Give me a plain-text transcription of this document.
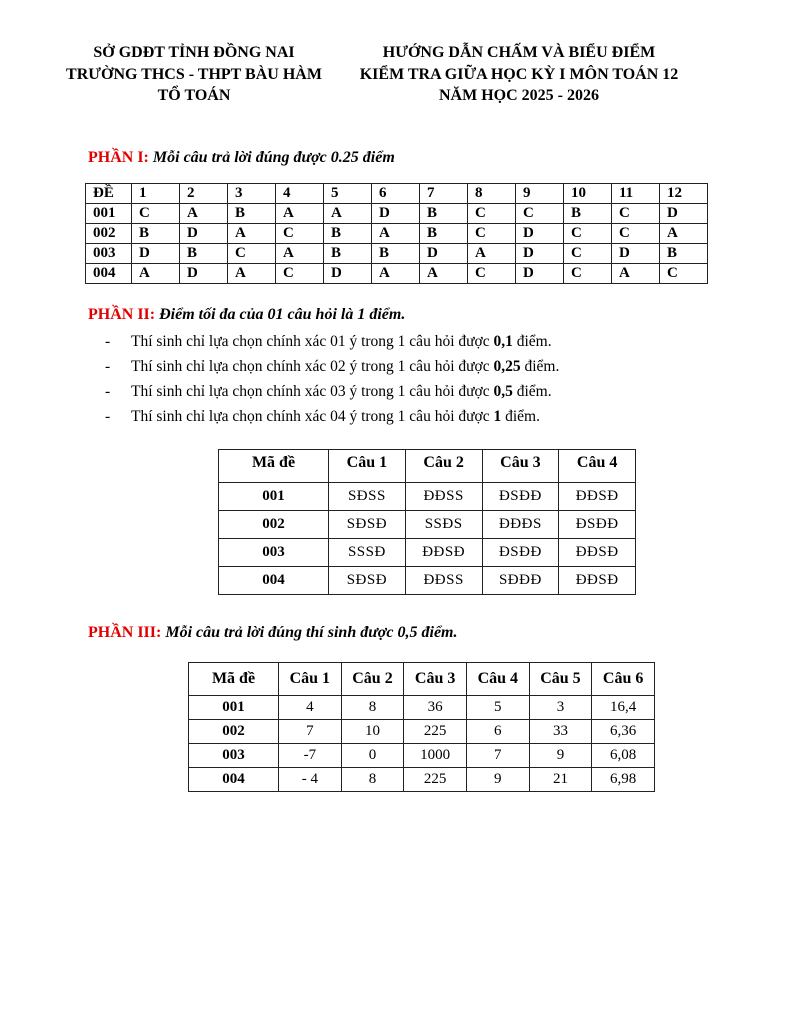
SỞ GDĐT TỈNH ĐỒNG NAI
TRƯỜNG THCS - THPT BÀU HÀM
TỔ TOÁN
HƯỚNG DẪN CHẤM VÀ BIỂU ĐIỂM
KIỂM TRA GIỮA HỌC KỲ I MÔN TOÁN 12
NĂM HỌC 2025 - 2026
PHẦN I: Mỗi câu trả lời đúng được 0.25 điểm
ĐỀ	1	2	3	4	5	6	7	8	9	10	11	12
001	C	A	B	A	A	D	B	C	C	B	C	D
002	B	D	A	C	B	A	B	C	D	C	C	A
003	D	B	C	A	B	B	D	A	D	C	D	B
004	A	D	A	C	D	A	A	C	D	C	A	C
PHẦN II: Điểm tối đa của 01 câu hỏi là 1 điểm.
-	Thí sinh chỉ lựa chọn chính xác 01 ý trong 1 câu hỏi được 0,1 điểm.
-	Thí sinh chỉ lựa chọn chính xác 02 ý trong 1 câu hỏi được 0,25 điểm.
-	Thí sinh chỉ lựa chọn chính xác 03 ý trong 1 câu hỏi được 0,5 điểm.
-	Thí sinh chỉ lựa chọn chính xác 04 ý trong 1 câu hỏi được 1 điểm.
Mã đề	Câu 1	Câu 2	Câu 3	Câu 4
001	SĐSS	ĐĐSS	ĐSĐĐ	ĐĐSĐ
002	SĐSĐ	SSĐS	ĐĐĐS	ĐSĐĐ
003	SSSĐ	ĐĐSĐ	ĐSĐĐ	ĐĐSĐ
004	SĐSĐ	ĐĐSS	SĐĐĐ	ĐĐSĐ
PHẦN III: Mỗi câu trả lời đúng thí sinh được 0,5 điểm.
Mã đề	Câu 1	Câu 2	Câu 3	Câu 4	Câu 5	Câu 6
001	4	8	36	5	3	16,4
002	7	10	225	6	33	6,36
003	-7	0	1000	7	9	6,08
004	- 4	8	225	9	21	6,98
